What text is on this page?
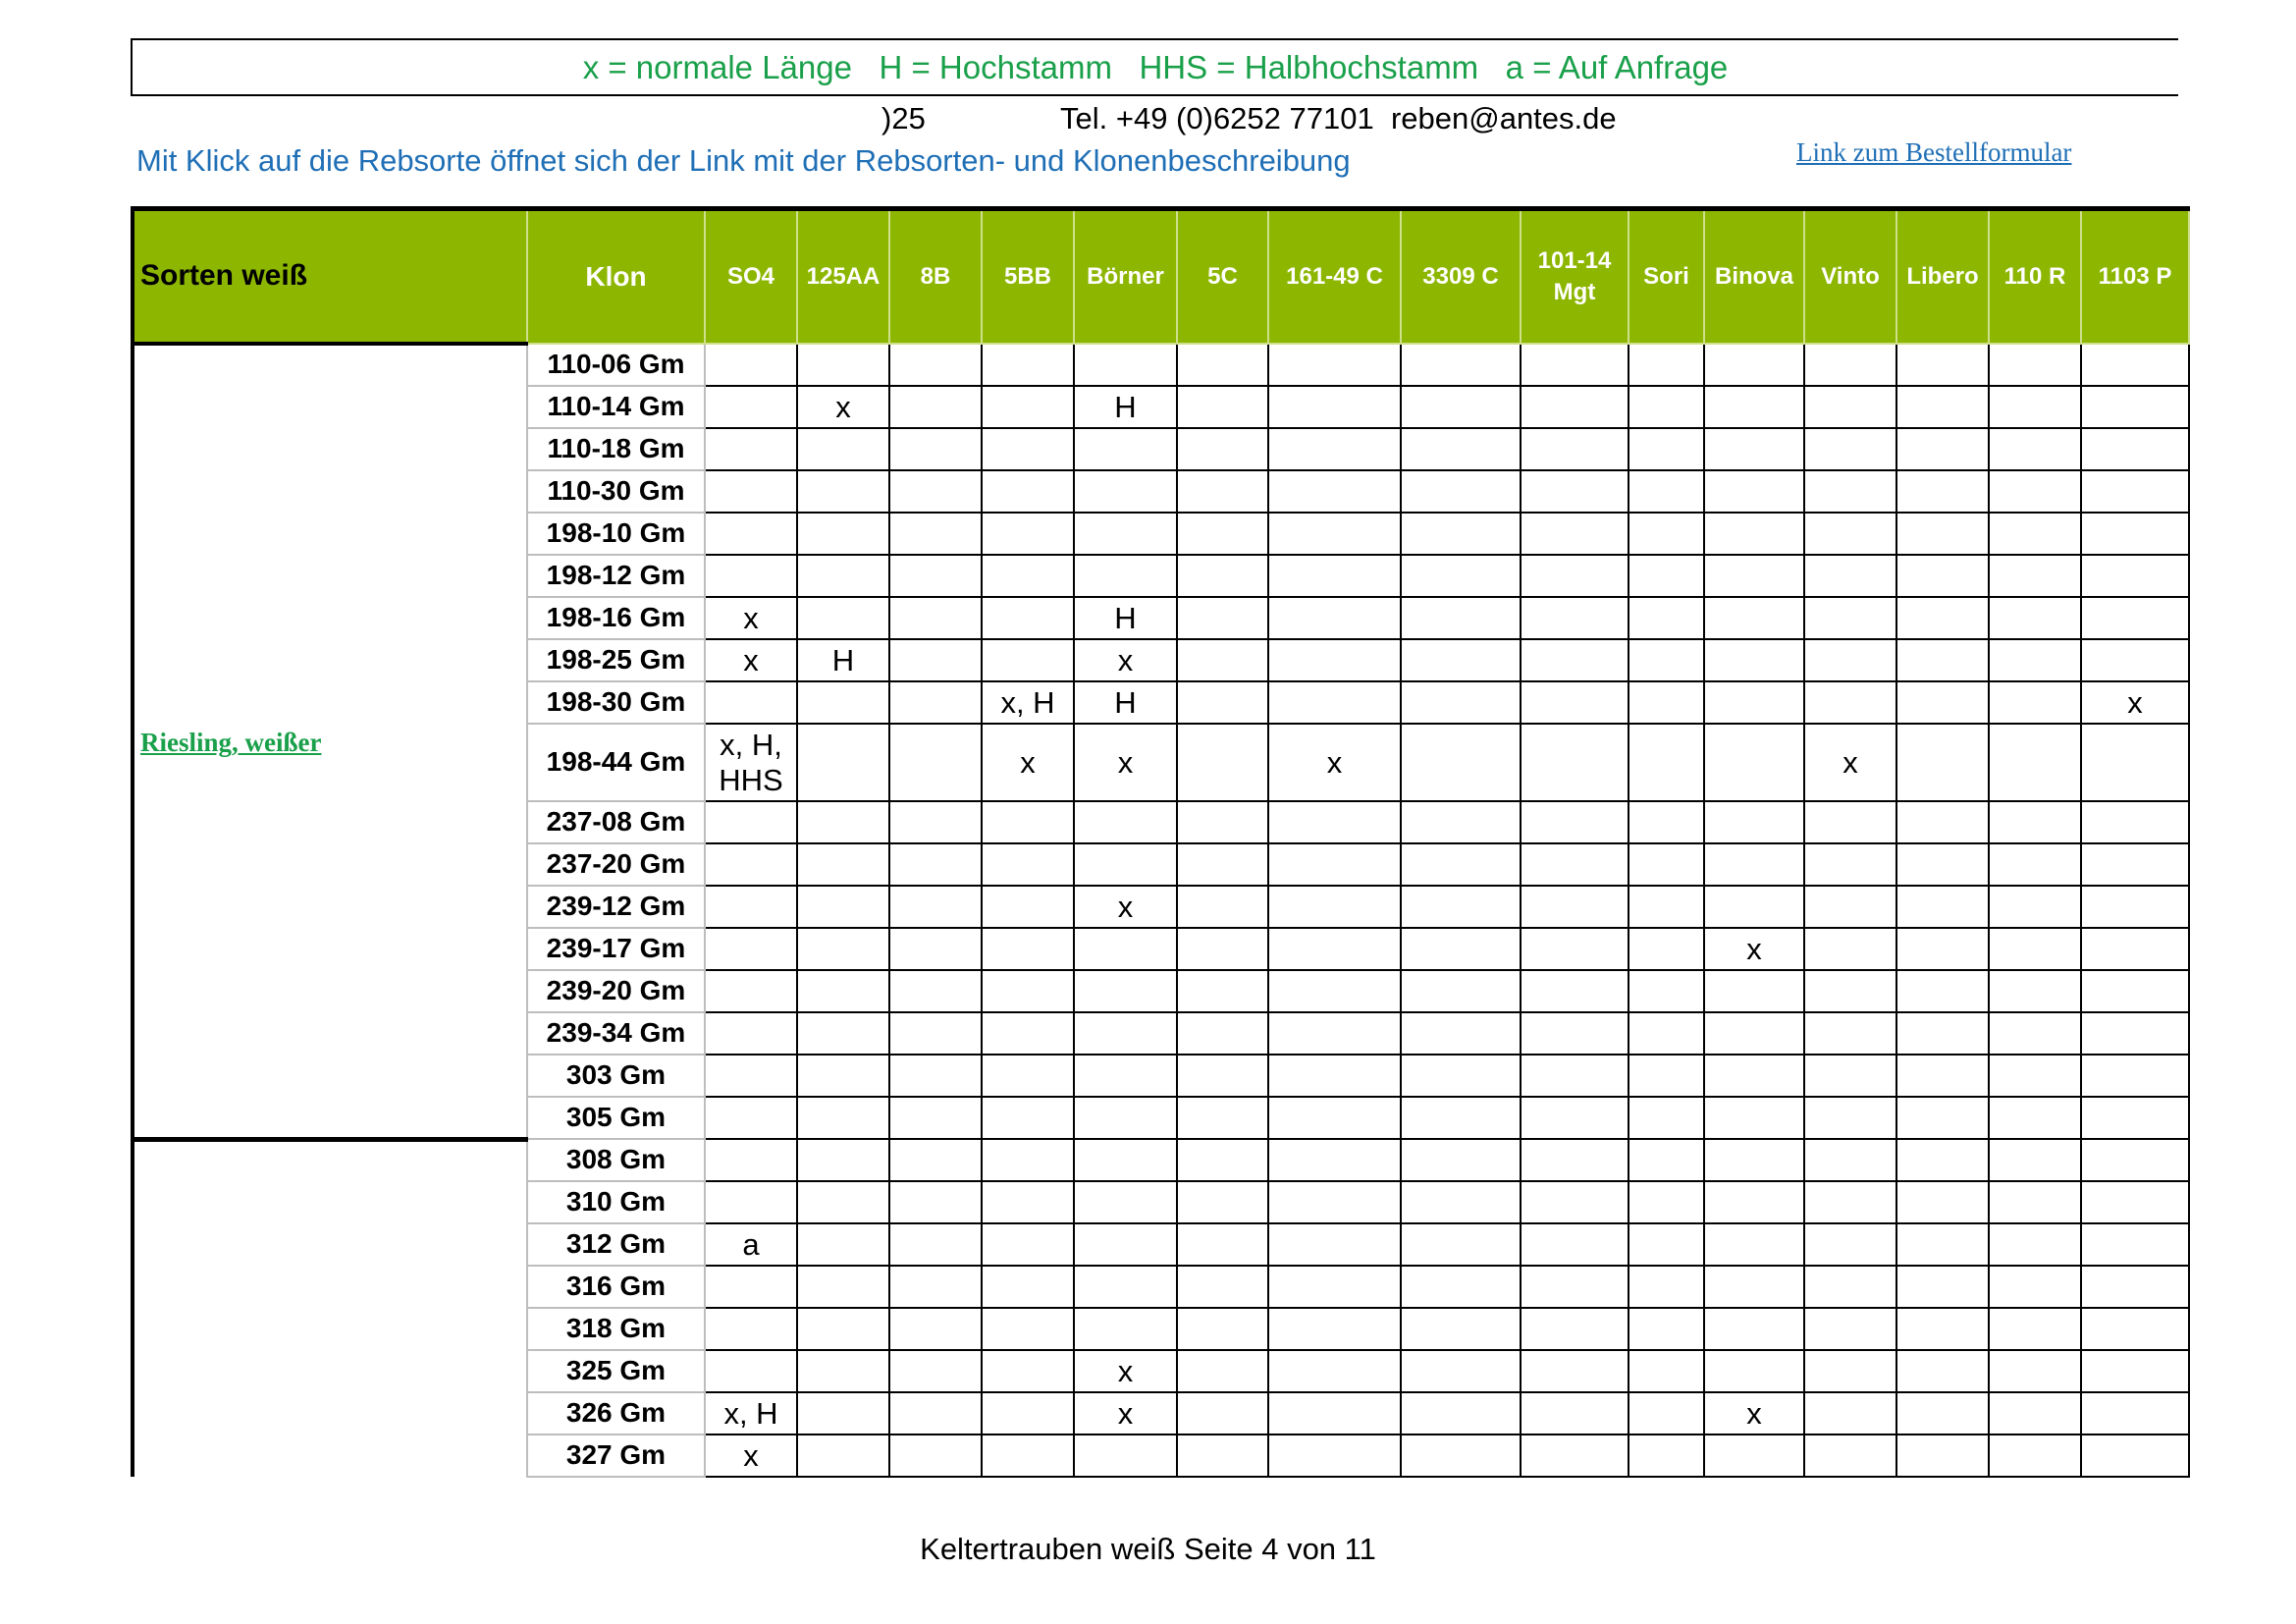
x = normale Länge   H = Hochstamm   HHS = Halbhochstamm   a = Auf Anfrage
)25	Tel. +49 (0)6252 77101  reben@antes.de
Mit Klick auf die Rebsorte öffnet sich der Link mit der Rebsorten- und Klonenbeschreibung	Link zum Bestellformular
Sorten weiß	Klon	SO4	125AA	8B	5BB	Börner	5C	161-49 C	3309 C	101-14 Mgt	Sori	Binova	Vinto	Libero	110 R	1103 P
Riesling, weißer	110-06 Gm															
	110-14 Gm		x			H										
	110-18 Gm															
	110-30 Gm															
	198-10 Gm															
	198-12 Gm															
	198-16 Gm	x				H										
	198-25 Gm	x	H			x										
	198-30 Gm				x, H	H										x
	198-44 Gm	x, H, HHS			x	x		x					x			
	237-08 Gm															
	237-20 Gm															
	239-12 Gm					x										
	239-17 Gm											x				
	239-20 Gm															
	239-34 Gm															
	303 Gm															
	305 Gm															
	308 Gm															
	310 Gm															
	312 Gm	a														
	316 Gm															
	318 Gm															
	325 Gm					x										
	326 Gm	x, H				x						x				
	327 Gm	x														
Keltertrauben weiß Seite 4 von 11
